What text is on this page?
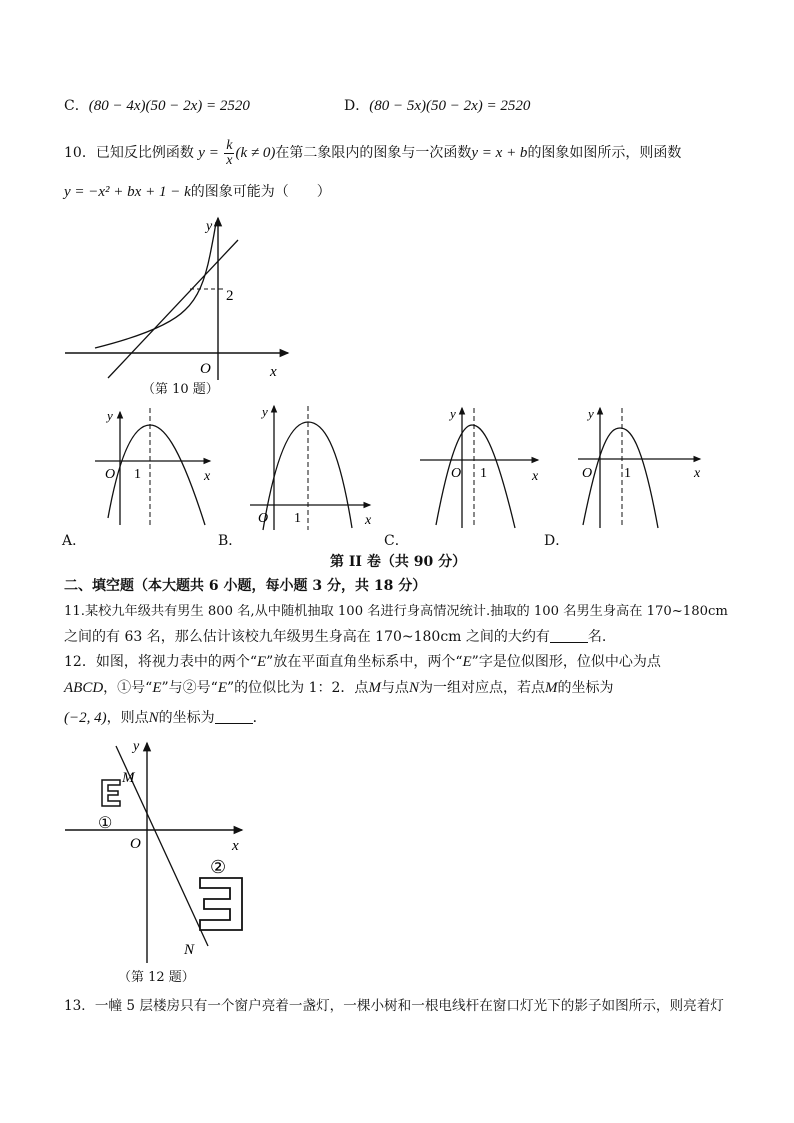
C．(80 − 4x)(50 − 2x) = 2520	D．(80 − 5x)(50 − 2x) = 2520
10．已知反比例函数 $y = \frac{k}{x} (k \ne 0)$在第二象限内的图象与一次函数y = x + b的图象如图所示，则函数
y = −x² + bx + 1 − k的图象可能为（　　）
2
y
x
O
（第 10 题）
y
x
O 1
y
x
O 1
y
x
O 1
y
x
O 1
A．	B．	C．	D．
第 II 卷（共 90 分）
二、填空题（本大题共 6 小题，每小题 3 分，共 18 分）
11.某校九年级共有男生 800 名,从中随机抽取 100 名进行身高情况统计.抽取的 100 名男生身高在 170~180cm
之间的有 63 名，那么估计该校九年级男生身高在 170~180cm 之间的大约有	名.
12．如图，将视力表中的两个“E”放在平面直角坐标系中，两个“E”字是位似图形，位似中心为点
ABCD，①号“E”与②号“E”的位似比为 1：2．点M与点N为一组对应点，若点M的坐标为
(−2, 4)，则点N的坐标为	．
M
N
O
y
x
①
②
（第 12 题）
13．一幢 5 层楼房只有一个窗户亮着一盏灯，一棵小树和一根电线杆在窗口灯光下的影子如图所示，则亮着灯
